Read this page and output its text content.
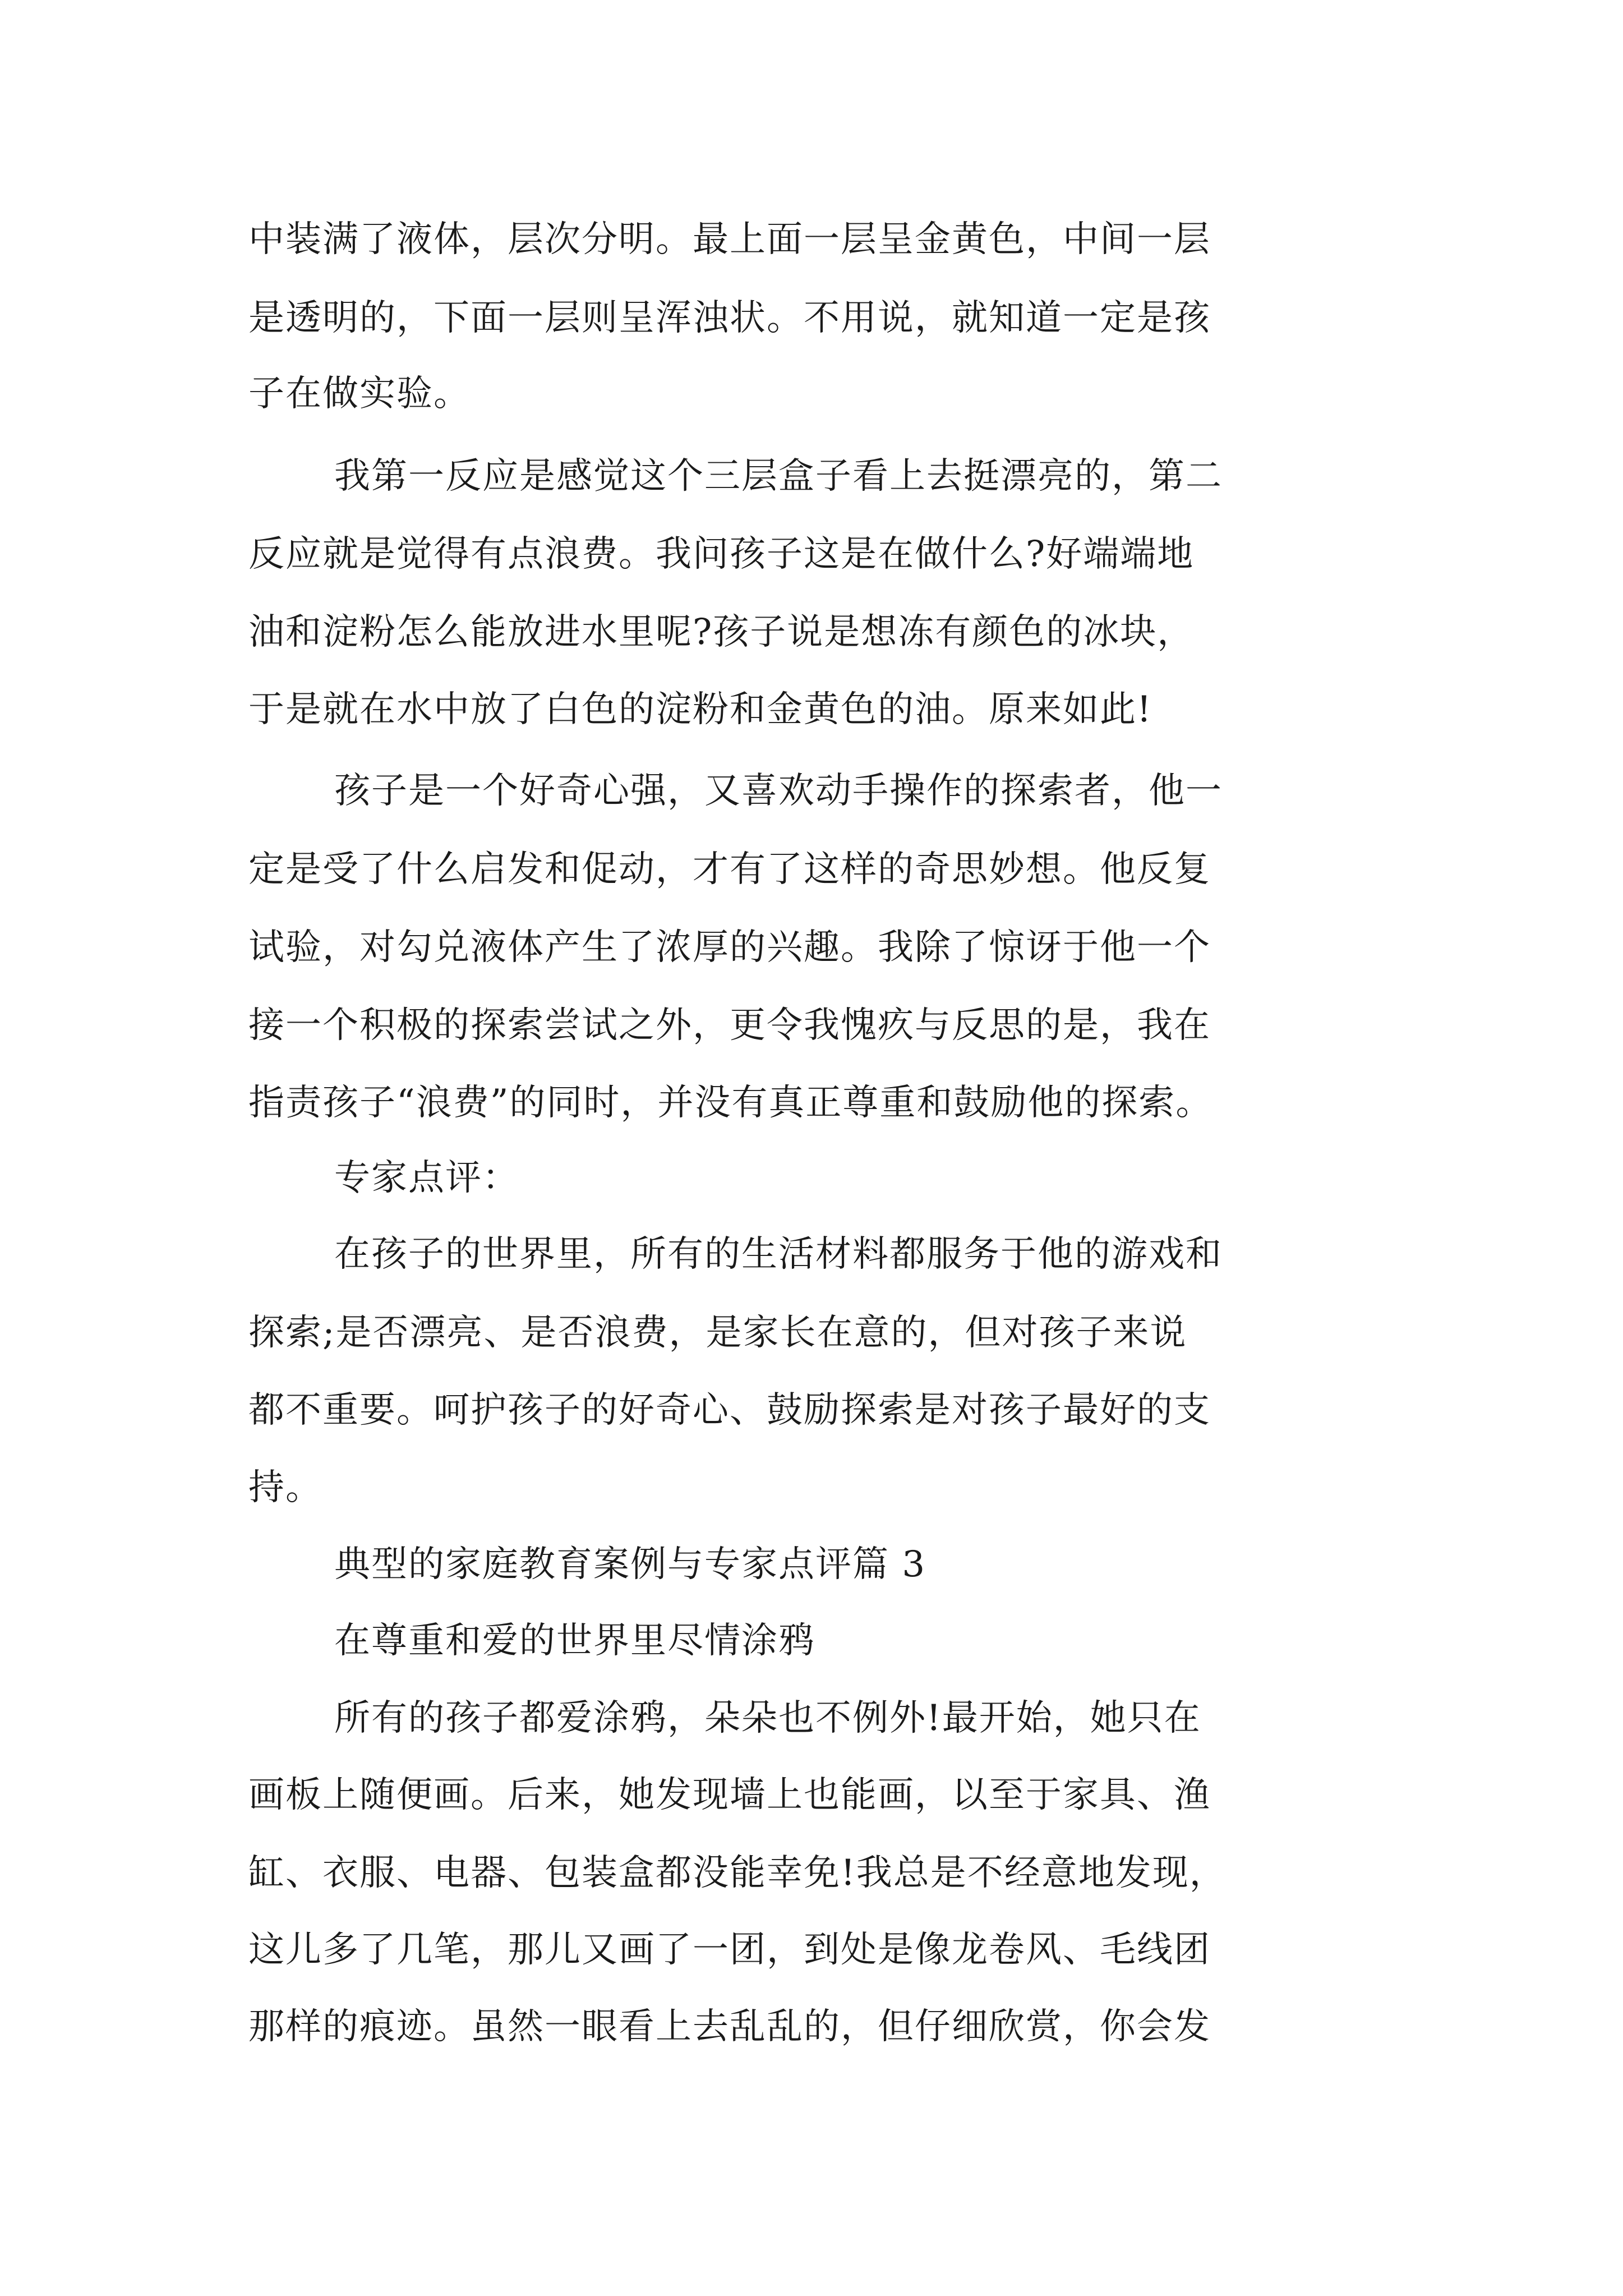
中装满了液体，层次分明。最上面一层呈金黄色，中间一层
是透明的，下面一层则呈浑浊状。不用说，就知道一定是孩
子在做实验。
我第一反应是感觉这个三层盒子看上去挺漂亮的，第二
反应就是觉得有点浪费。我问孩子这是在做什么?好端端地
油和淀粉怎么能放进水里呢?孩子说是想冻有颜色的冰块，
于是就在水中放了白色的淀粉和金黄色的油。原来如此!
孩子是一个好奇心强，又喜欢动手操作的探索者，他一
定是受了什么启发和促动，才有了这样的奇思妙想。他反复
试验，对勾兑液体产生了浓厚的兴趣。我除了惊讶于他一个
接一个积极的探索尝试之外，更令我愧疚与反思的是，我在
指责孩子“浪费”的同时，并没有真正尊重和鼓励他的探索。
专家点评：
在孩子的世界里，所有的生活材料都服务于他的游戏和
探索;是否漂亮、是否浪费，是家长在意的，但对孩子来说
都不重要。呵护孩子的好奇心、鼓励探索是对孩子最好的支
持。
典型的家庭教育案例与专家点评篇 3
在尊重和爱的世界里尽情涂鸦
所有的孩子都爱涂鸦，朵朵也不例外!最开始，她只在
画板上随便画。后来，她发现墙上也能画，以至于家具、渔
缸、衣服、电器、包装盒都没能幸免!我总是不经意地发现，
这儿多了几笔，那儿又画了一团，到处是像龙卷风、毛线团
那样的痕迹。虽然一眼看上去乱乱的，但仔细欣赏，你会发
